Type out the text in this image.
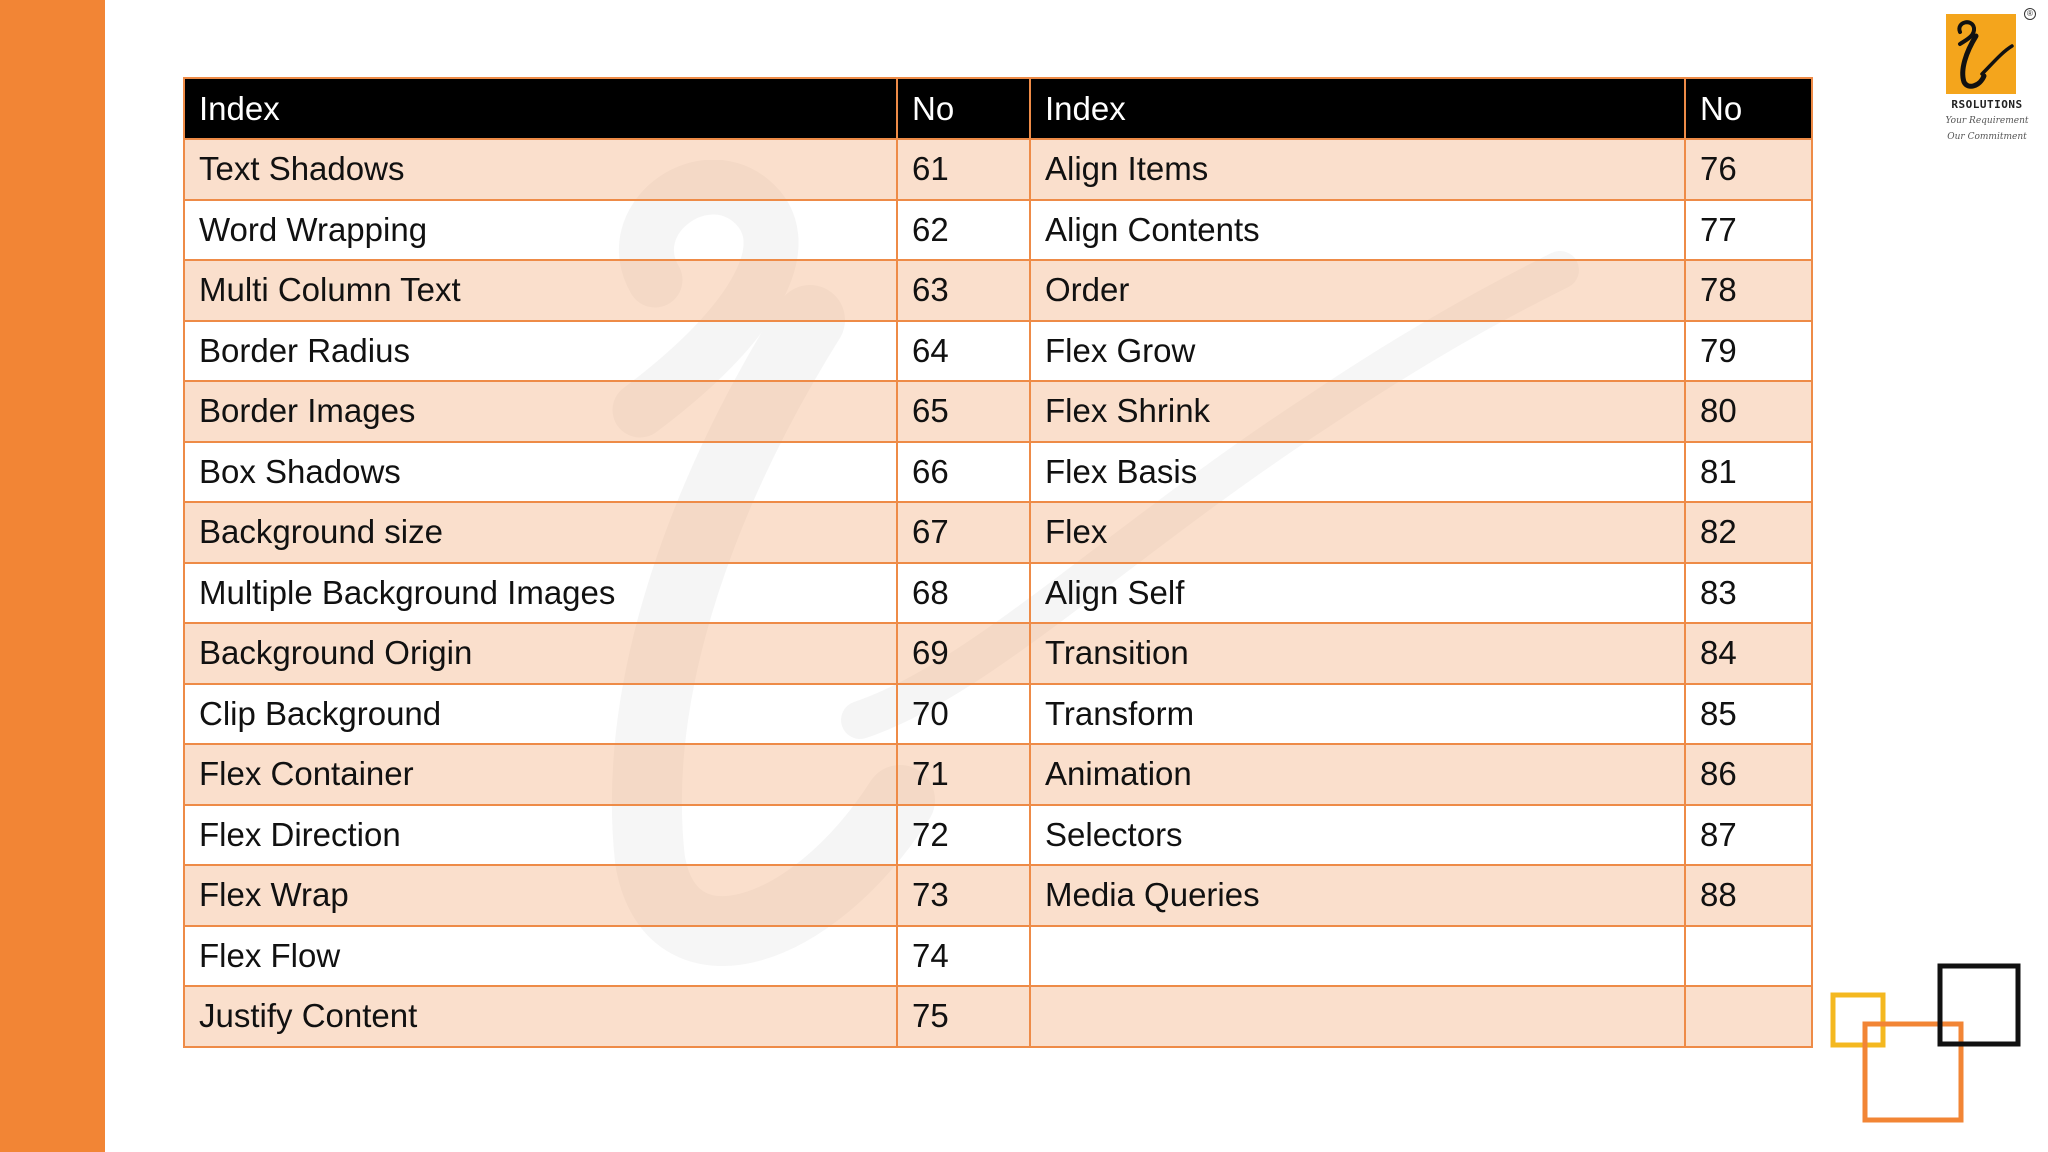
Index	No	Index	No
Text Shadows	61	Align Items	76
Word Wrapping	62	Align Contents	77
Multi Column Text	63	Order	78
Border Radius	64	Flex Grow	79
Border Images	65	Flex Shrink	80
Box Shadows	66	Flex Basis	81
Background size	67	Flex	82
Multiple Background Images	68	Align Self	83
Background Origin	69	Transition	84
Clip Background	70	Transform	85
Flex Container	71	Animation	86
Flex Direction	72	Selectors	87
Flex Wrap	73	Media Queries	88
Flex Flow	74		
Justify Content	75		
®
RSOLUTIONS
Your Requirement
Our Commitment
